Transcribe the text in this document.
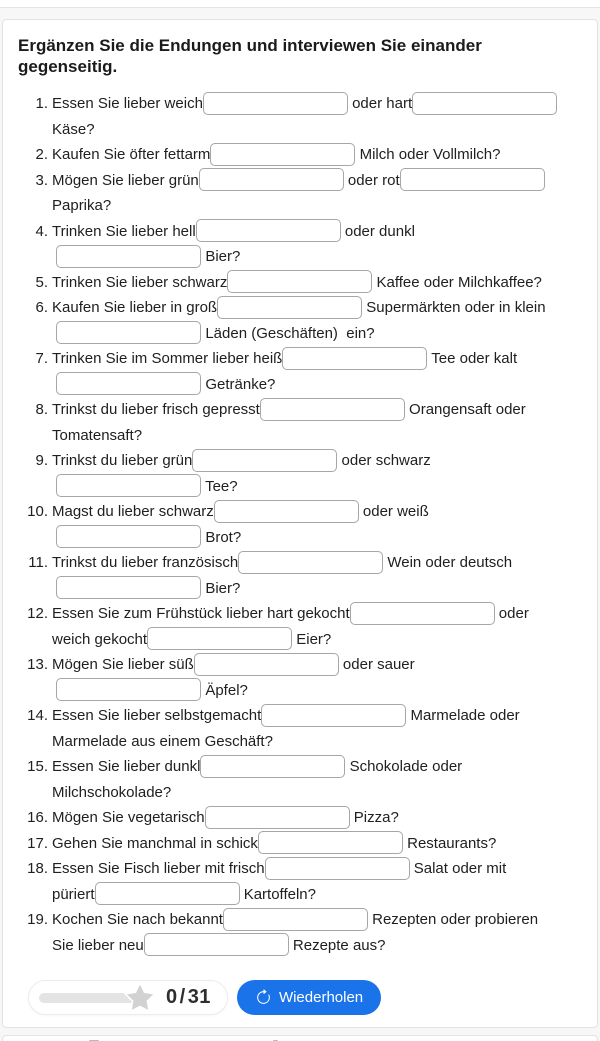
Ergänzen Sie die Endungen und interviewen Sie einander gegenseitig.
1. Essen Sie lieber weich	oder hart
Käse?
2. Kaufen Sie öfter fettarm	Milch oder Vollmilch?
3. Mögen Sie lieber grün	oder rot
Paprika?
4. Trinken Sie lieber hell	oder dunkl
Bier?
5. Trinken Sie lieber schwarz	Kaffee oder Milchkaffee?
6. Kaufen Sie lieber in groß	Supermärkten oder in klein
Läden (Geschäften)  ein?
7. Trinken Sie im Sommer lieber heiß	Tee oder kalt
Getränke?
8. Trinkst du lieber frisch gepresst	Orangensaft oder
Tomatensaft?
9. Trinkst du lieber grün	oder schwarz
Tee?
10. Magst du lieber schwarz	oder weiß
Brot?
11. Trinkst du lieber französisch	Wein oder deutsch
Bier?
12. Essen Sie zum Frühstück lieber hart gekocht	oder
weich gekocht	Eier?
13. Mögen Sie lieber süß	oder sauer
Äpfel?
14. Essen Sie lieber selbstgemacht	Marmelade oder
Marmelade aus einem Geschäft?
15. Essen Sie lieber dunkl	Schokolade oder
Milchschokolade?
16. Mögen Sie vegetarisch	Pizza?
17. Gehen Sie manchmal in schick	Restaurants?
18. Essen Sie Fisch lieber mit frisch	Salat oder mit
püriert	Kartoffeln?
19. Kochen Sie nach bekannt	Rezepten oder probieren
Sie lieber neu	Rezepte aus?
0 / 31	Wiederholen
